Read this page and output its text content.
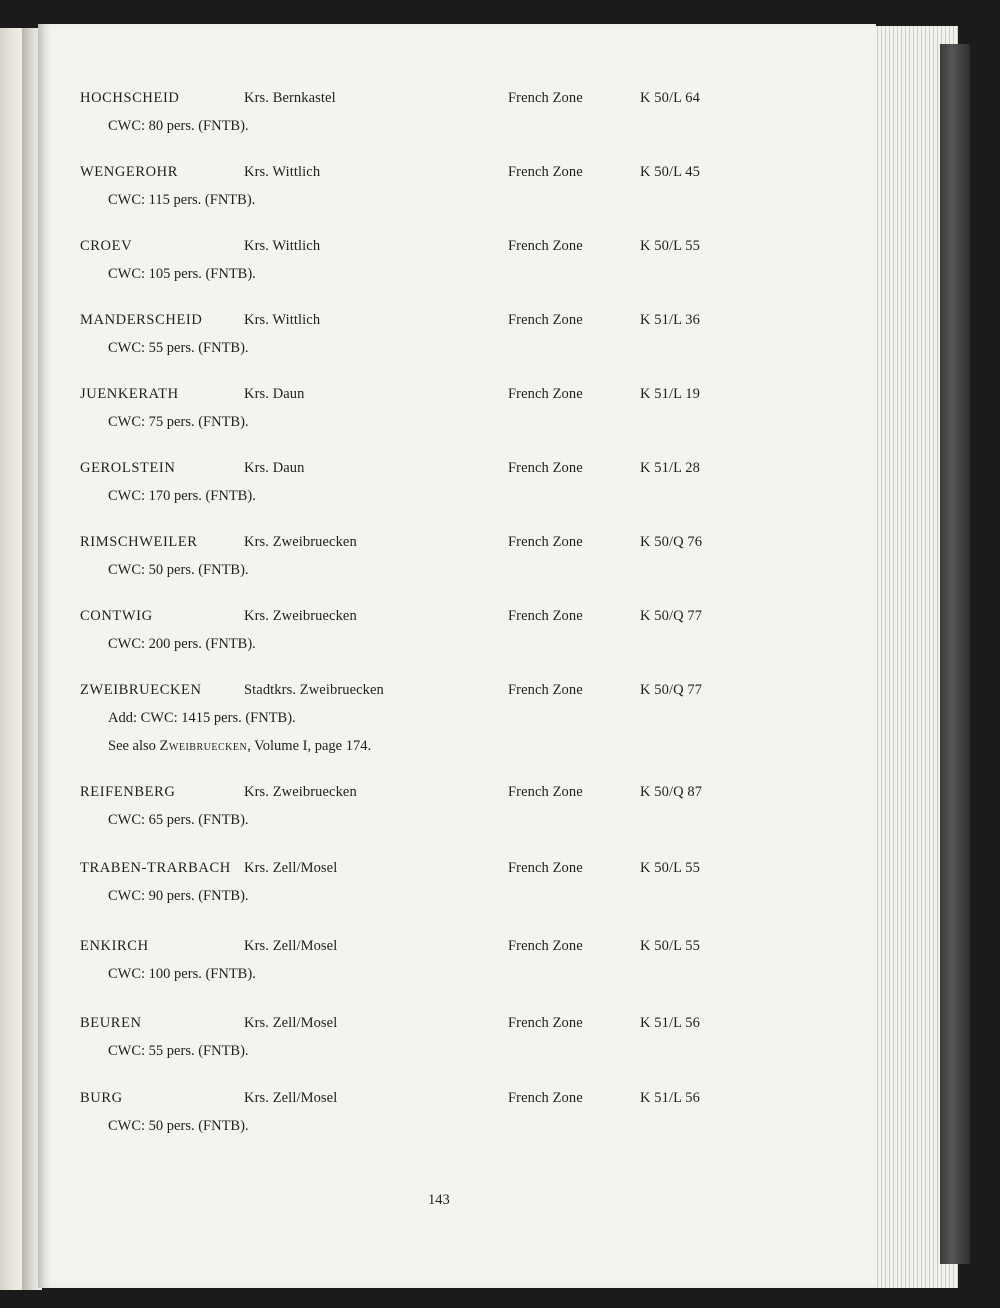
HOCHSCHEID	Krs. Bernkastel	French Zone	K 50/L 64
CWC: 80 pers. (FNTB).
WENGEROHR	Krs. Wittlich	French Zone	K 50/L 45
CWC: 115 pers. (FNTB).
CROEV	Krs. Wittlich	French Zone	K 50/L 55
CWC: 105 pers. (FNTB).
MANDERSCHEID	Krs. Wittlich	French Zone	K 51/L 36
CWC: 55 pers. (FNTB).
JUENKERATH	Krs. Daun	French Zone	K 51/L 19
CWC: 75 pers. (FNTB).
GEROLSTEIN	Krs. Daun	French Zone	K 51/L 28
CWC: 170 pers. (FNTB).
RIMSCHWEILER	Krs. Zweibruecken	French Zone	K 50/Q 76
CWC: 50 pers. (FNTB).
CONTWIG	Krs. Zweibruecken	French Zone	K 50/Q 77
CWC: 200 pers. (FNTB).
ZWEIBRUECKEN	Stadtkrs. Zweibruecken	French Zone	K 50/Q 77
Add: CWC: 1415 pers. (FNTB).
See also Zweibruecken, Volume I, page 174.
REIFENBERG	Krs. Zweibruecken	French Zone	K 50/Q 87
CWC: 65 pers. (FNTB).
TRABEN-TRARBACH Krs. Zell/Mosel	French Zone	K 50/L 55
CWC: 90 pers. (FNTB).
ENKIRCH	Krs. Zell/Mosel	French Zone	K 50/L 55
CWC: 100 pers. (FNTB).
BEUREN	Krs. Zell/Mosel	French Zone	K 51/L 56
CWC: 55 pers. (FNTB).
BURG	Krs. Zell/Mosel	French Zone	K 51/L 56
CWC: 50 pers. (FNTB).
143
